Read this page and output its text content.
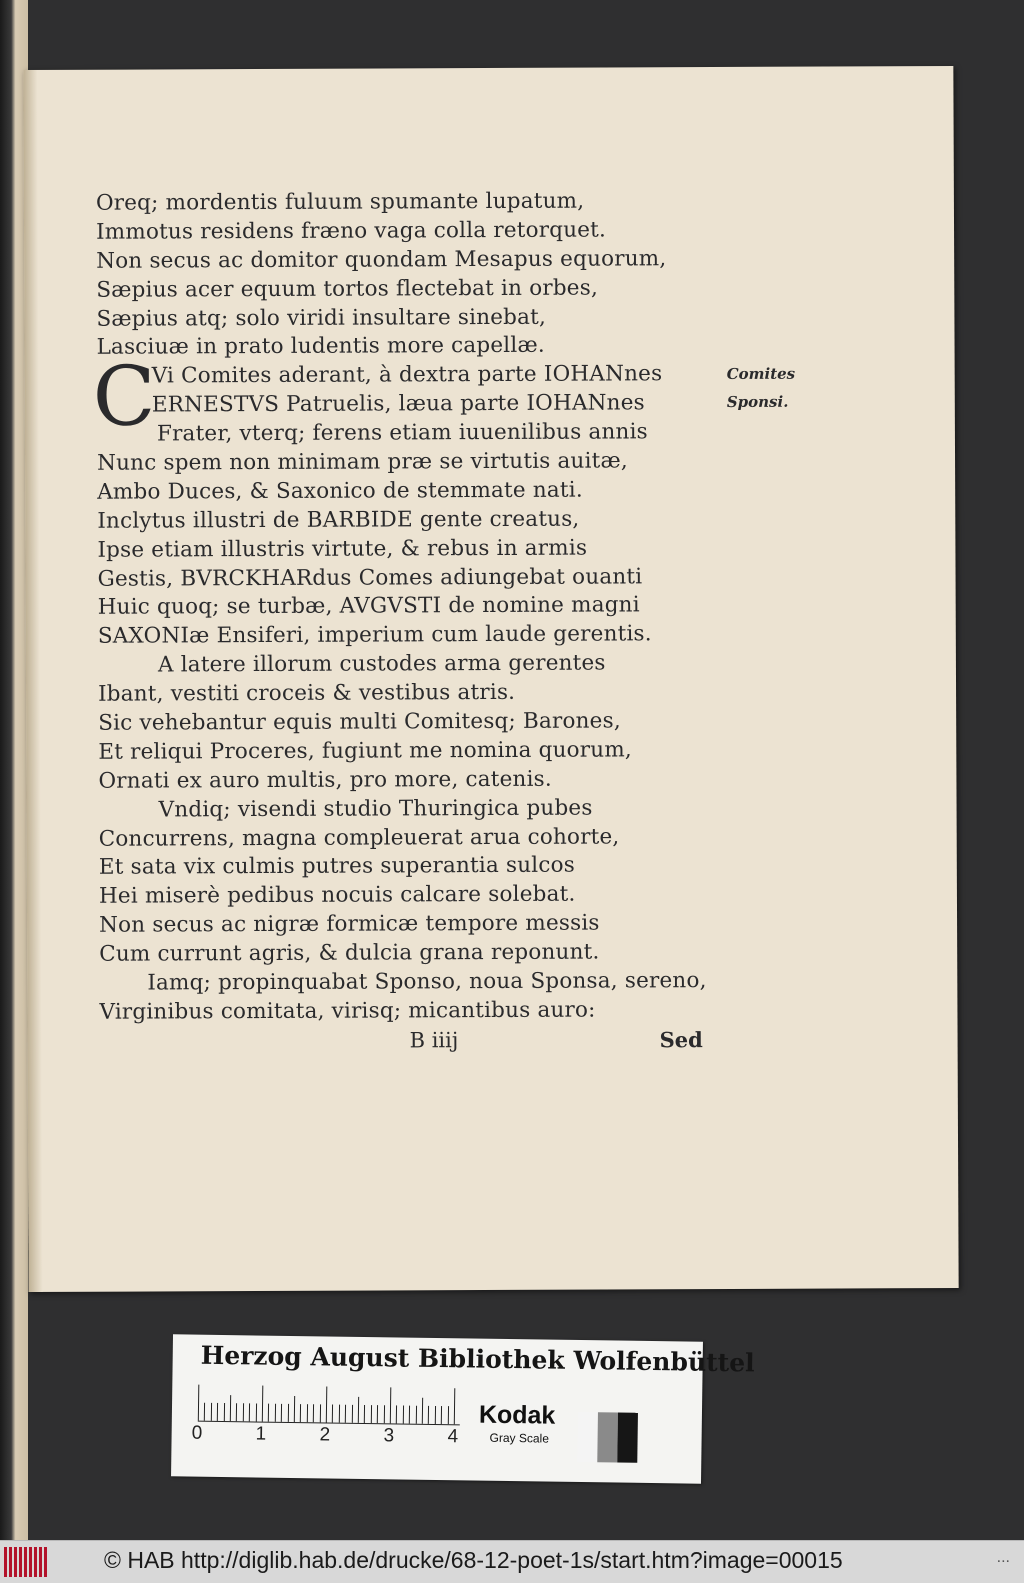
Oreq; mordentis fuluum spumante lupatum,
Immotus residens fræno vaga colla retorquet.
Non secus ac domitor quondam Mesapus equorum,
Sæpius acer equum tortos flectebat in orbes,
Sæpius atq; solo viridi insultare sinebat,
Lasciuæ in prato ludentis more capellæ.
C
Vi Comites aderant, à dextra parte IOHANnes
ERNESTVS Patruelis, læua parte IOHANnes
Frater, vterq; ferens etiam iuuenilibus annis
Nunc spem non minimam præ se virtutis auitæ,
Ambo Duces, & Saxonico de stemmate nati.
Inclytus illustri de BARBIDE gente creatus,
Ipse etiam illustris virtute, & rebus in armis
Gestis, BVRCKHARdus Comes adiungebat ouanti
Huic quoq; se turbæ, AVGVSTI de nomine magni
SAXONIæ Ensiferi, imperium cum laude gerentis.
A latere illorum custodes arma gerentes
Ibant, vestiti croceis & vestibus atris.
Sic vehebantur equis multi Comitesq; Barones,
Et reliqui Proceres, fugiunt me nomina quorum,
Ornati ex auro multis, pro more, catenis.
Vndiq; visendi studio Thuringica pubes
Concurrens, magna compleuerat arua cohorte,
Et sata vix culmis putres superantia sulcos
Hei miserè pedibus nocuis calcare solebat.
Non secus ac nigræ formicæ tempore messis
Cum currunt agris, & dulcia grana reponunt.
Iamq; propinquabat Sponso, noua Sponsa, sereno,
Virginibus comitata, virisq; micantibus auro:
Comites
Sponsi.
B iiij	Sed
Herzog August Bibliothek Wolfenbüttel
0	1	2	3	4
Kodak
Gray Scale
© HAB http://diglib.hab.de/drucke/68-12-poet-1s/start.htm?image=00015	...
